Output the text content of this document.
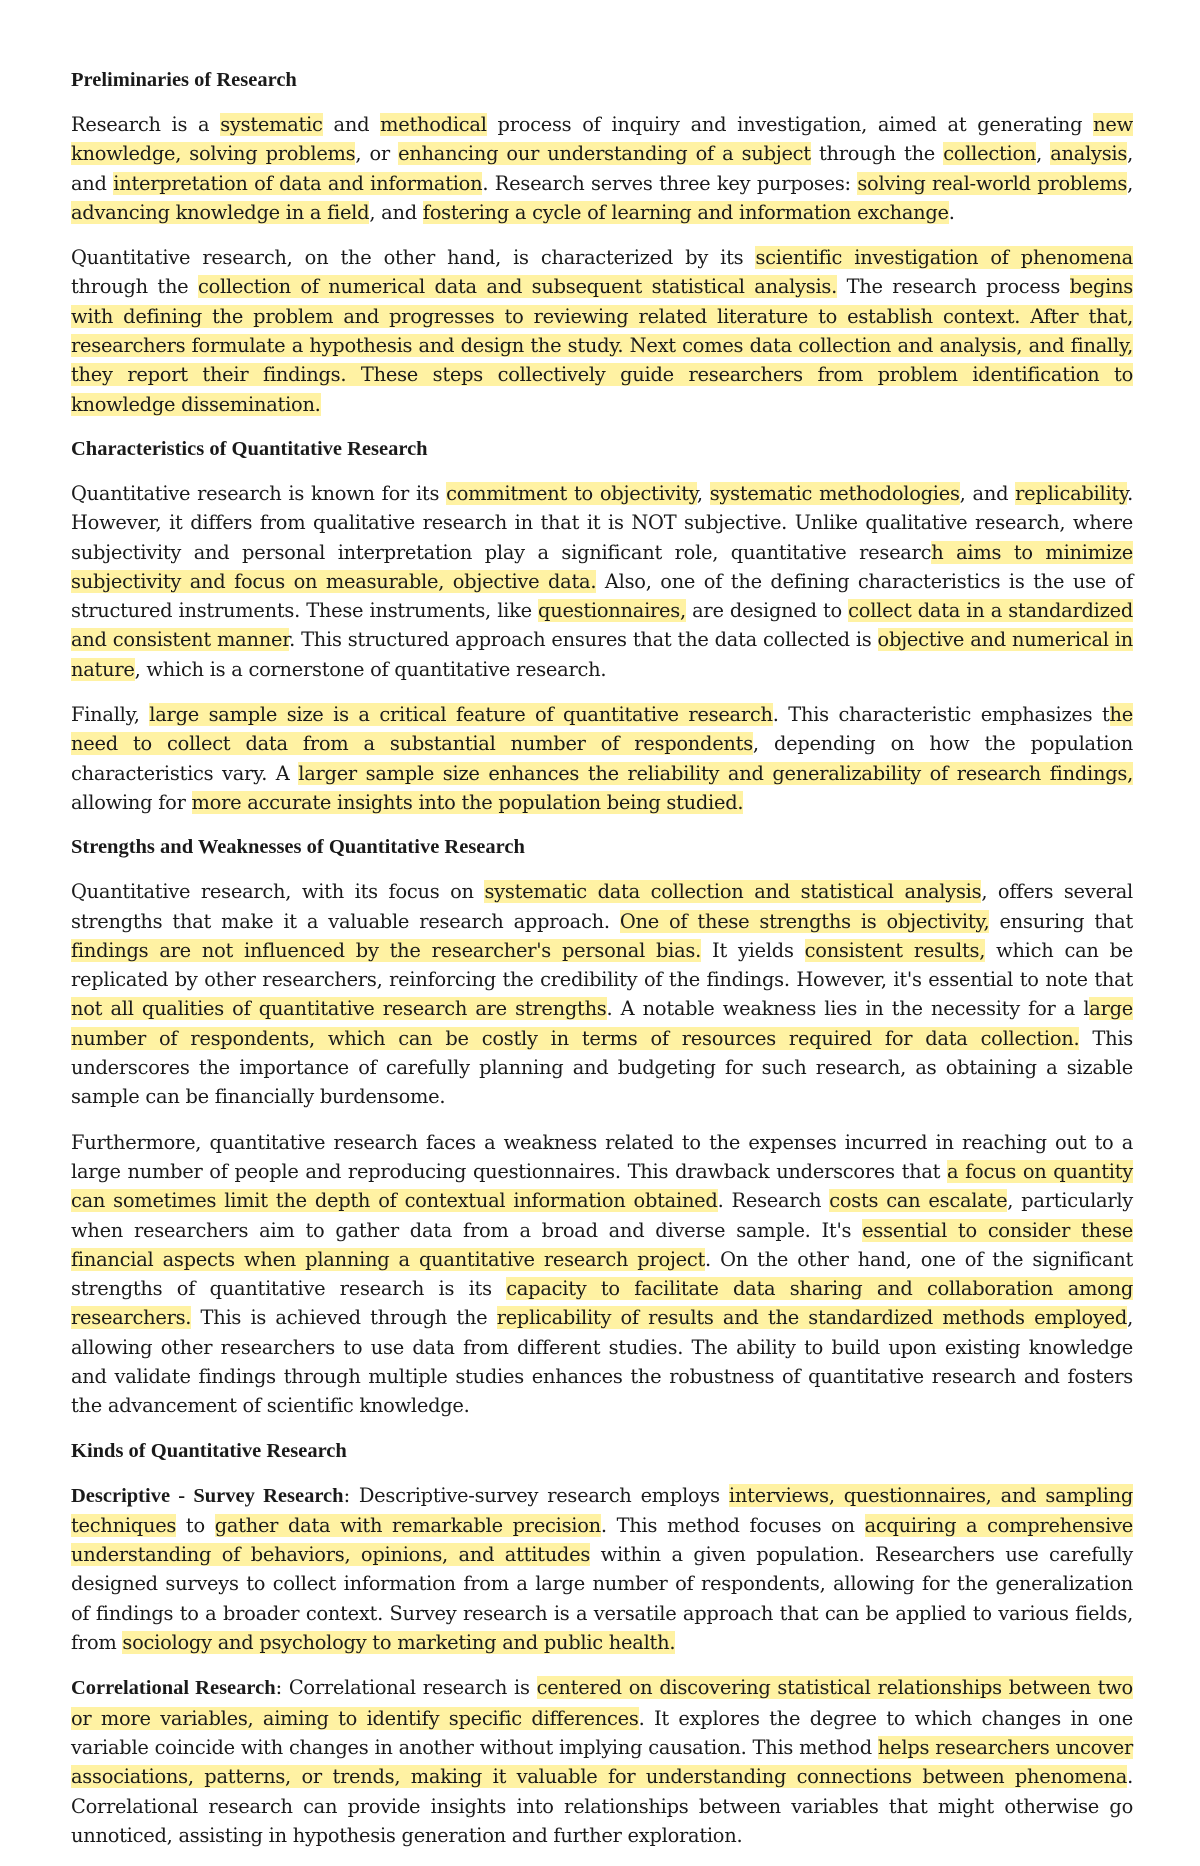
Preliminaries of Research

Research is a systematic and methodical process of inquiry and investigation, aimed at generating new knowledge, solving problems, or enhancing our understanding of a subject through the collection, analysis, and interpretation of data and information. Research serves three key purposes: solving real-world problems, advancing knowledge in a field, and fostering a cycle of learning and information exchange.

Quantitative research, on the other hand, is characterized by its scientific investigation of phenomena through the collection of numerical data and subsequent statistical analysis. The research process begins with defining the problem and progresses to reviewing related literature to establish context. After that, researchers formulate a hypothesis and design the study. Next comes data collection and analysis, and finally, they report their findings. These steps collectively guide researchers from problem identification to knowledge dissemination.

Characteristics of Quantitative Research

Quantitative research is known for its commitment to objectivity, systematic methodologies, and replicability. However, it differs from qualitative research in that it is NOT subjective. Unlike qualitative research, where subjectivity and personal interpretation play a significant role, quantitative research aims to minimize subjectivity and focus on measurable, objective data. Also, one of the defining characteristics is the use of structured instruments. These instruments, like questionnaires, are designed to collect data in a standardized and consistent manner. This structured approach ensures that the data collected is objective and numerical in nature, which is a cornerstone of quantitative research.

Finally, large sample size is a critical feature of quantitative research. This characteristic emphasizes the need to collect data from a substantial number of respondents, depending on how the population characteristics vary. A larger sample size enhances the reliability and generalizability of research findings, allowing for more accurate insights into the population being studied.

Strengths and Weaknesses of Quantitative Research

Quantitative research, with its focus on systematic data collection and statistical analysis, offers several strengths that make it a valuable research approach. One of these strengths is objectivity, ensuring that findings are not influenced by the researcher's personal bias. It yields consistent results, which can be replicated by other researchers, reinforcing the credibility of the findings. However, it's essential to note that not all qualities of quantitative research are strengths. A notable weakness lies in the necessity for a large number of respondents, which can be costly in terms of resources required for data collection. This underscores the importance of carefully planning and budgeting for such research, as obtaining a sizable sample can be financially burdensome.

Furthermore, quantitative research faces a weakness related to the expenses incurred in reaching out to a large number of people and reproducing questionnaires. This drawback underscores that a focus on quantity can sometimes limit the depth of contextual information obtained. Research costs can escalate, particularly when researchers aim to gather data from a broad and diverse sample. It's essential to consider these financial aspects when planning a quantitative research project. On the other hand, one of the significant strengths of quantitative research is its capacity to facilitate data sharing and collaboration among researchers. This is achieved through the replicability of results and the standardized methods employed, allowing other researchers to use data from different studies. The ability to build upon existing knowledge and validate findings through multiple studies enhances the robustness of quantitative research and fosters the advancement of scientific knowledge.

Kinds of Quantitative Research

Descriptive - Survey Research: Descriptive-survey research employs interviews, questionnaires, and sampling techniques to gather data with remarkable precision. This method focuses on acquiring a comprehensive understanding of behaviors, opinions, and attitudes within a given population. Researchers use carefully designed surveys to collect information from a large number of respondents, allowing for the generalization of findings to a broader context. Survey research is a versatile approach that can be applied to various fields, from sociology and psychology to marketing and public health.

Correlational Research: Correlational research is centered on discovering statistical relationships between two or more variables, aiming to identify specific differences. It explores the degree to which changes in one variable coincide with changes in another without implying causation. This method helps researchers uncover associations, patterns, or trends, making it valuable for understanding connections between phenomena. Correlational research can provide insights into relationships between variables that might otherwise go unnoticed, assisting in hypothesis generation and further exploration.
